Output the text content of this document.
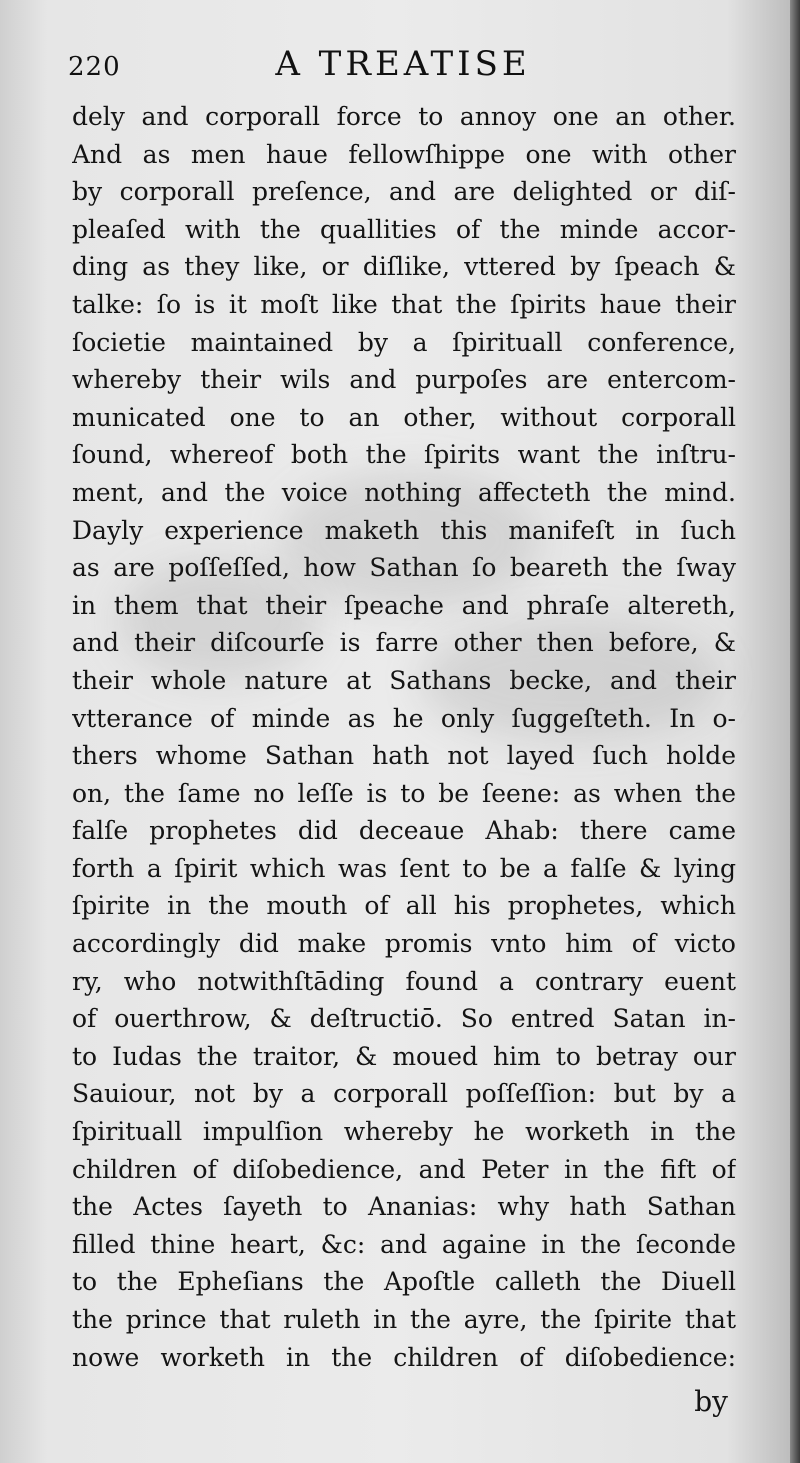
220	A TREATISE
dely and corporall force to annoy one an other.
And as men haue fellowſhippe one with other
by corporall preſence, and are delighted or diſ-
pleaſed with the quallities of the minde accor-
ding as they like, or diſlike, vttered by ſpeach &
talke: ſo is it moſt like that the ſpirits haue their
ſocietie maintained by a ſpirituall conference,
whereby their wils and purpoſes are entercom-
municated one to an other, without corporall
ſound, whereof both the ſpirits want the inſtru-
ment, and the voice nothing affecteth the mind.
Dayly experience maketh this manifeſt in ſuch
as are poſſeſſed, how Sathan ſo beareth the ſway
in them that their ſpeache and phraſe altereth,
and their diſcourſe is farre other then before, &
their whole nature at Sathans becke, and their
vtterance of minde as he only ſuggeſteth. In o-
thers whome Sathan hath not layed ſuch holde
on, the ſame no leſſe is to be ſeene: as when the
falſe prophetes did deceaue Ahab: there came
forth a ſpirit which was ſent to be a falſe & lying
ſpirite in the mouth of all his prophetes, which
accordingly did make promis vnto him of victo
ry, who notwithſtāding found a contrary euent
of ouerthrow, & deſtructiō. So entred Satan in-
to Iudas the traitor, & moued him to betray our
Sauiour, not by a corporall poſſeſſion: but by a
ſpirituall impulſion whereby he worketh in the
children of diſobedience, and Peter in the fift of
the Actes ſayeth to Ananias: why hath Sathan
filled thine heart, &c: and againe in the ſeconde
to the Epheſians the Apoſtle calleth the Diuell
the prince that ruleth in the ayre, the ſpirite that
nowe worketh in the children of diſobedience:
by
